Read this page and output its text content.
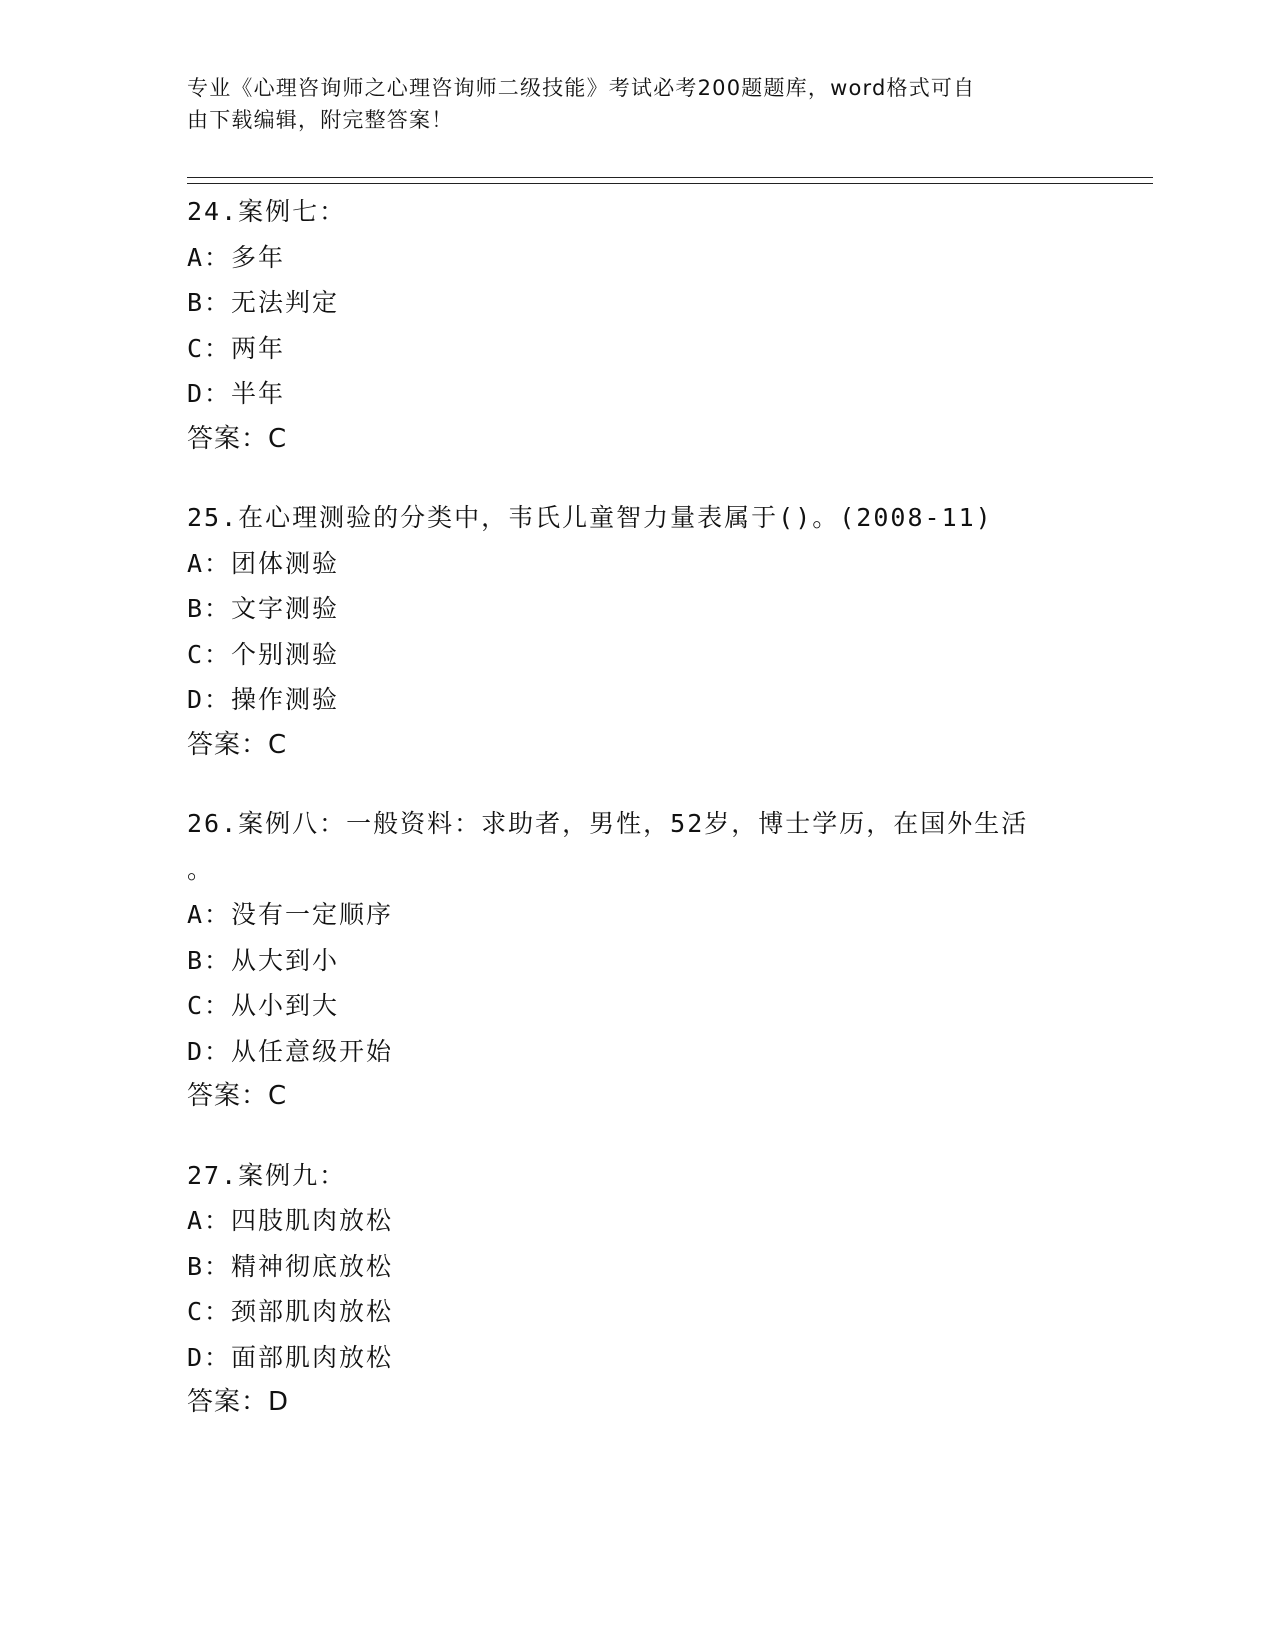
专业《心理咨询师之心理咨询师二级技能》考试必考200题题库，word格式可自
由下载编辑，附完整答案！
24.案例七：
A：多年
B：无法判定
C：两年
D：半年
答案：C
25.在心理测验的分类中，韦氏儿童智力量表属于()。(2008-11)
A：团体测验
B：文字测验
C：个别测验
D：操作测验
答案：C
26.案例八：一般资料：求助者，男性，52岁，博士学历，在国外生活
。
A：没有一定顺序
B：从大到小
C：从小到大
D：从任意级开始
答案：C
27.案例九：
A：四肢肌肉放松
B：精神彻底放松
C：颈部肌肉放松
D：面部肌肉放松
答案：D
